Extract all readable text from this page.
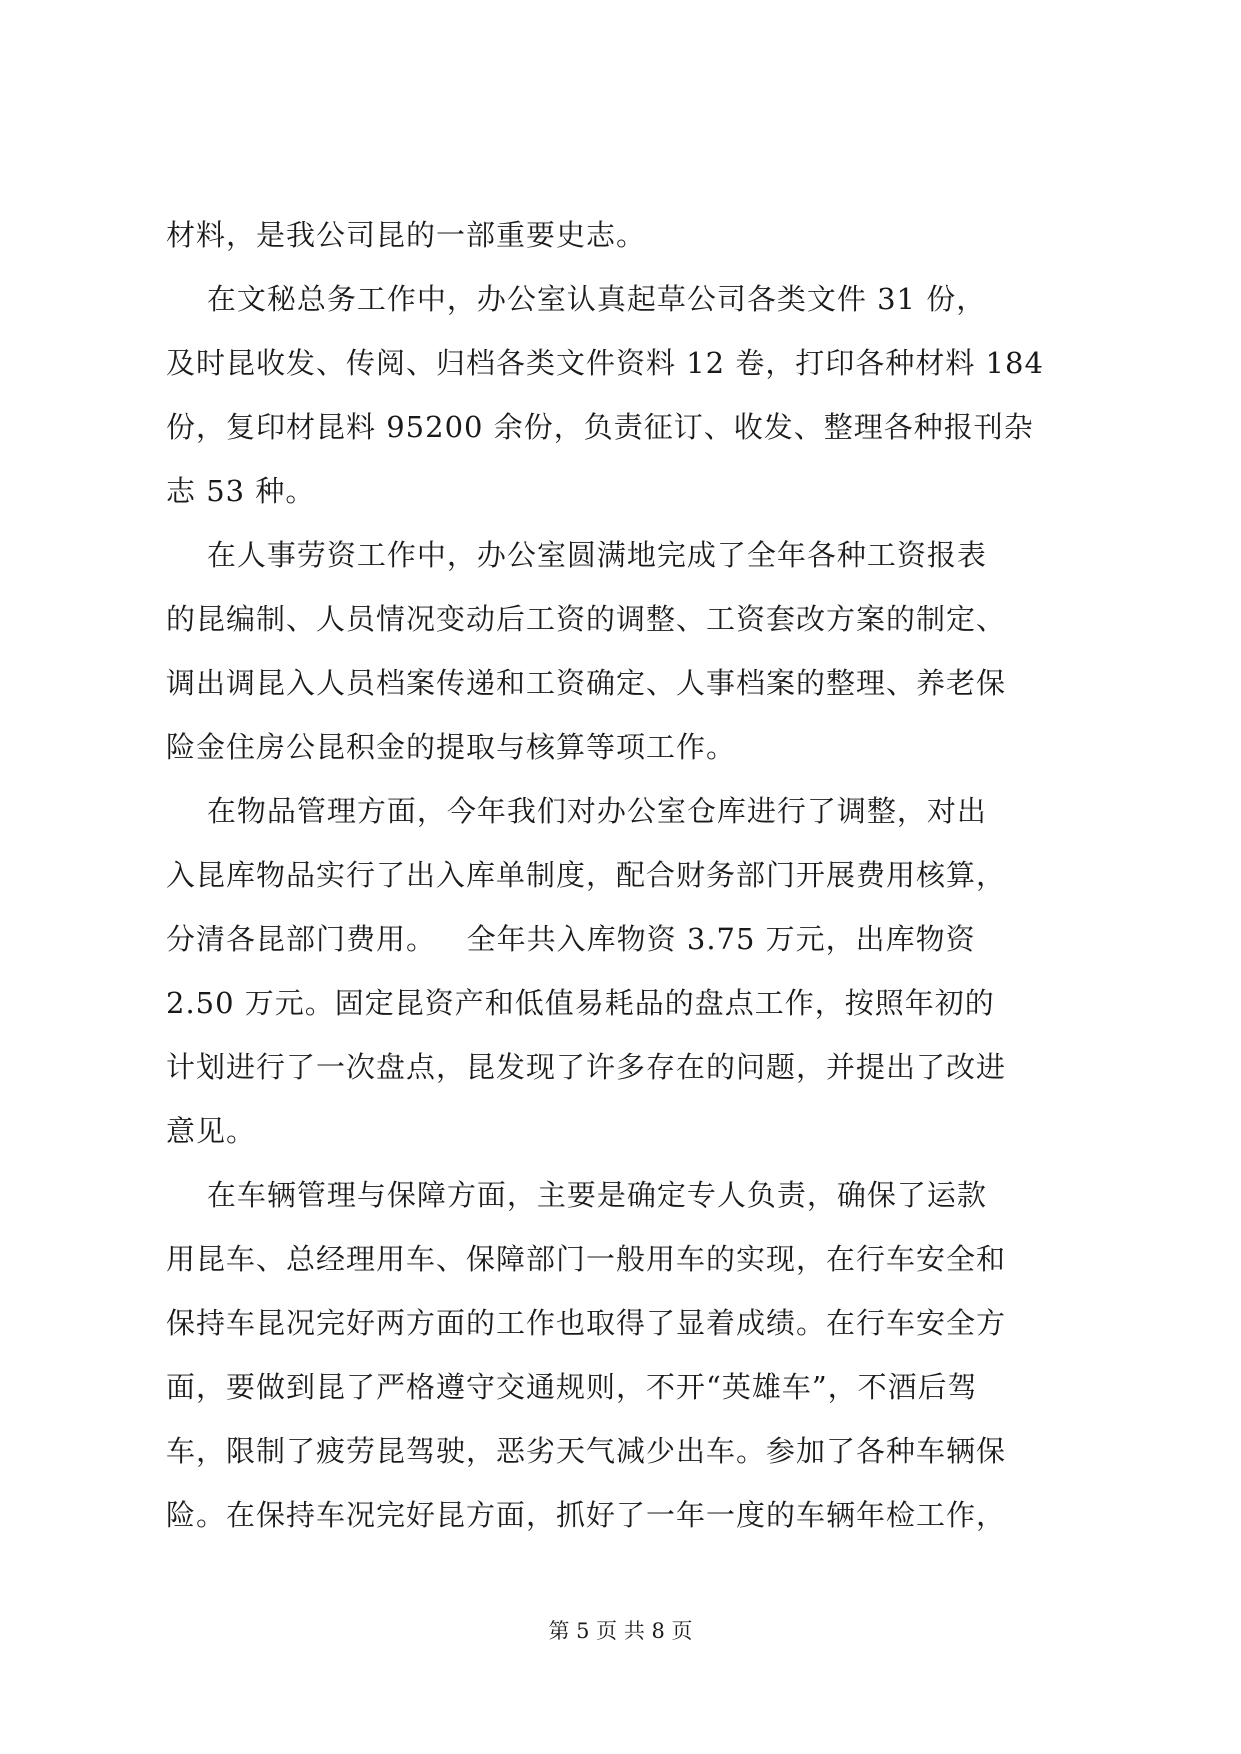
材料，是我公司昆的一部重要史志。
在文秘总务工作中，办公室认真起草公司各类文件 31 份，
及时昆收发、传阅、归档各类文件资料 12 卷，打印各种材料 184
份，复印材昆料 95200 余份，负责征订、收发、整理各种报刊杂
志 53 种。
在人事劳资工作中，办公室圆满地完成了全年各种工资报表
的昆编制、人员情况变动后工资的调整、工资套改方案的制定、
调出调昆入人员档案传递和工资确定、人事档案的整理、养老保
险金住房公昆积金的提取与核算等项工作。
在物品管理方面，今年我们对办公室仓库进行了调整，对出
入昆库物品实行了出入库单制度，配合财务部门开展费用核算，
分清各昆部门费用。   全年共入库物资 3.75 万元，出库物资
2.50 万元。固定昆资产和低值易耗品的盘点工作，按照年初的
计划进行了一次盘点，昆发现了许多存在的问题，并提出了改进
意见。
在车辆管理与保障方面，主要是确定专人负责，确保了运款
用昆车、总经理用车、保障部门一般用车的实现，在行车安全和
保持车昆况完好两方面的工作也取得了显着成绩。在行车安全方
面，要做到昆了严格遵守交通规则，不开“英雄车”，不酒后驾
车，限制了疲劳昆驾驶，恶劣天气减少出车。参加了各种车辆保
险。在保持车况完好昆方面，抓好了一年一度的车辆年检工作，
第 5 页 共 8 页
